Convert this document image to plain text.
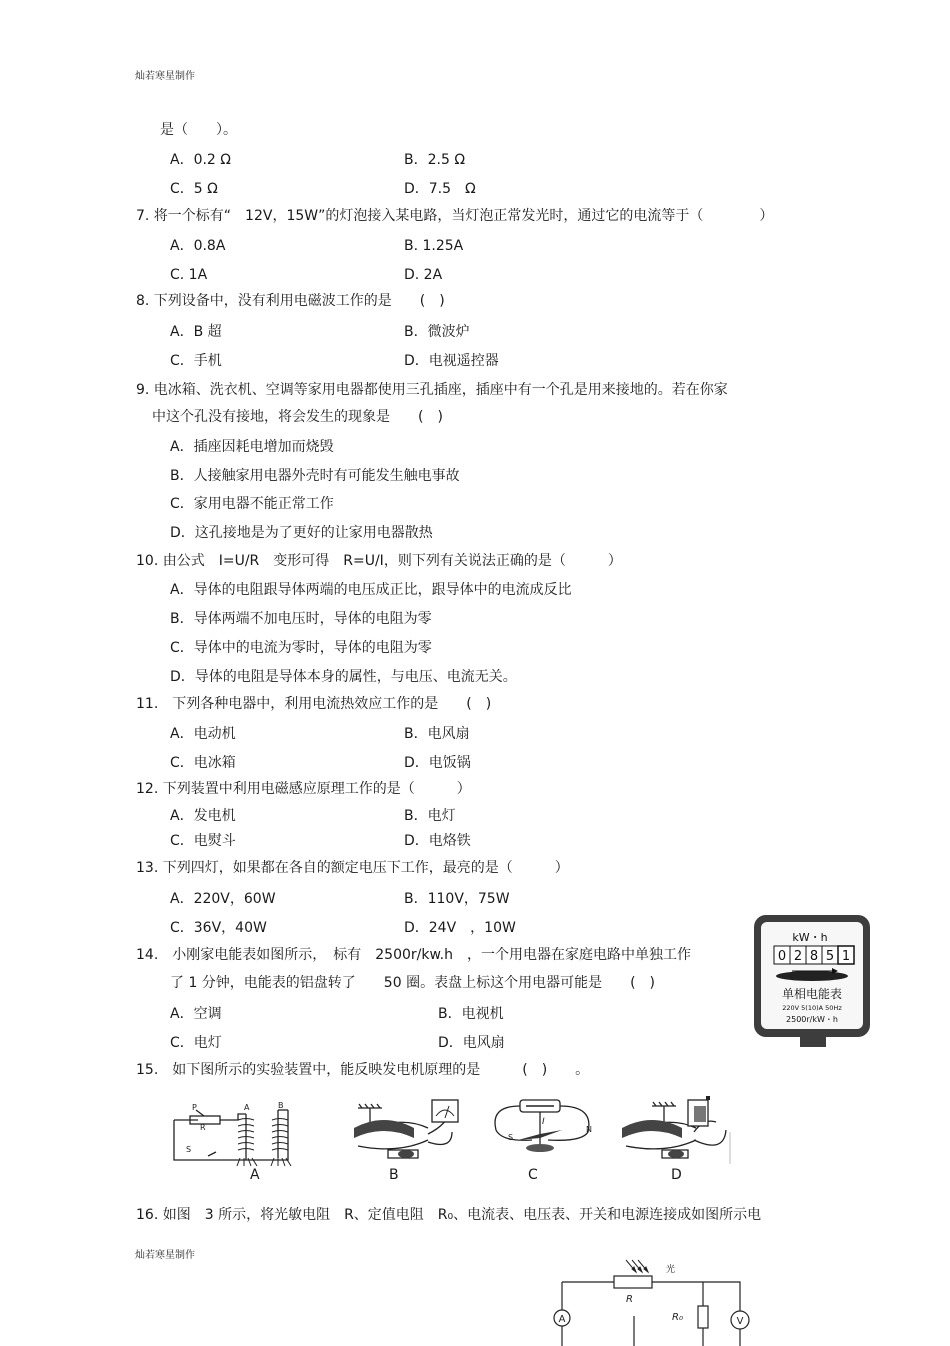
灿若寒星制作
是（　　）。
A．0.2 Ω	B．2.5 Ω
C．5 Ω	D．7.5　Ω
7. 将一个标有“　12V，15W”的灯泡接入某电路，当灯泡正常发光时，通过它的电流等于（　　　　）
A．0.8A	B. 1.25A
C. 1A	D. 2A
8. 下列设备中，没有利用电磁波工作的是　　(　)
A．B 超	B．微波炉
C．手机	D．电视遥控器
9. 电冰箱、洗衣机、空调等家用电器都使用三孔插座，插座中有一个孔是用来接地的。若在你家
中这个孔没有接地，将会发生的现象是　　(　)
A．插座因耗电增加而烧毁
B．人接触家用电器外壳时有可能发生触电事故
C．家用电器不能正常工作
D．这孔接地是为了更好的让家用电器散热
10. 由公式　I=U/R　变形可得　R=U/I，则下列有关说法正确的是（　　　）
A．导体的电阻跟导体两端的电压成正比，跟导体中的电流成反比
B．导体两端不加电压时，导体的电阻为零
C．导体中的电流为零时，导体的电阻为零
D．导体的电阻是导体本身的属性，与电压、电流无关。
11.　下列各种电器中，利用电流热效应工作的是　　(　)
A．电动机	B．电风扇
C．电冰箱	D．电饭锅
12. 下列装置中利用电磁感应原理工作的是（　　　）
A．发电机	B．电灯
C．电熨斗	D．电烙铁
13. 下列四灯，如果都在各自的额定电压下工作，最亮的是（　　　）
A．220V，60W	B．110V，75W
C．36V，40W	D．24V　，10W
14.　小刚家电能表如图所示，　标有　2500r/kw.h　，一个用电器在家庭电路中单独工作
了 1 分钟，电能表的铝盘转了　　50 圈。表盘上标这个用电器可能是　　(　)
A．空调	B．电视机
C．电灯	D．电风扇
kW・h
0 2 8 5 1
单相电能表
220V 5(10)A 50Hz
2500r/kW・h
15.　如下图所示的实验装置中，能反映发电机原理的是　　　(　)　　。
P
R
S
A	B
A	B
I
S
N
C	D
16. 如图　3 所示，将光敏电阻　R、定值电阻　R₀、电流表、电压表、开关和电源连接成如图所示电
灿若寒星制作
光
R
R₀
A	V
